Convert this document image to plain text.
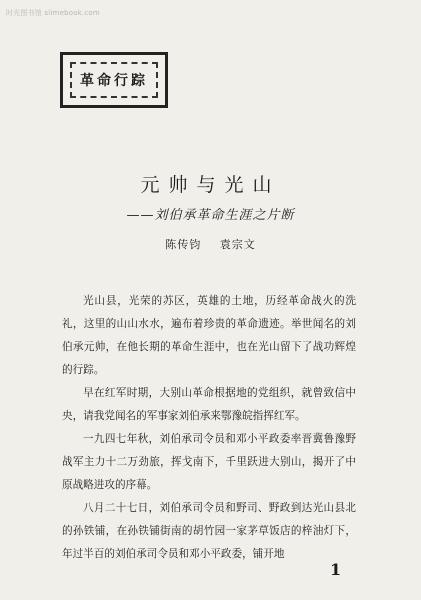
时光图书馆 slimebook.com
革命行踪
元帅与光山
——刘伯承革命生涯之片断
陈传钧 袁宗文

光山县，光荣的苏区，英雄的土地，历经革命战火的洗礼，这里的山山水水，遍布着珍贵的革命遗迹。举世闻名的刘伯承元帅，在他长期的革命生涯中，也在光山留下了战功辉煌的行踪。

早在红军时期，大别山革命根据地的党组织，就曾致信中央，请我党闻名的军事家刘伯承来鄂豫皖指挥红军。

一九四七年秋，刘伯承司令员和邓小平政委率晋冀鲁豫野战军主力十二万劲旅，挥戈南下，千里跃进大别山，揭开了中原战略进攻的序幕。

八月二十七日，刘伯承司令员和野司、野政到达光山县北的孙铁铺，在孙铁铺街南的胡竹园一家茅草饭店的梓油灯下，年过半百的刘伯承司令员和邓小平政委，铺开地

1
